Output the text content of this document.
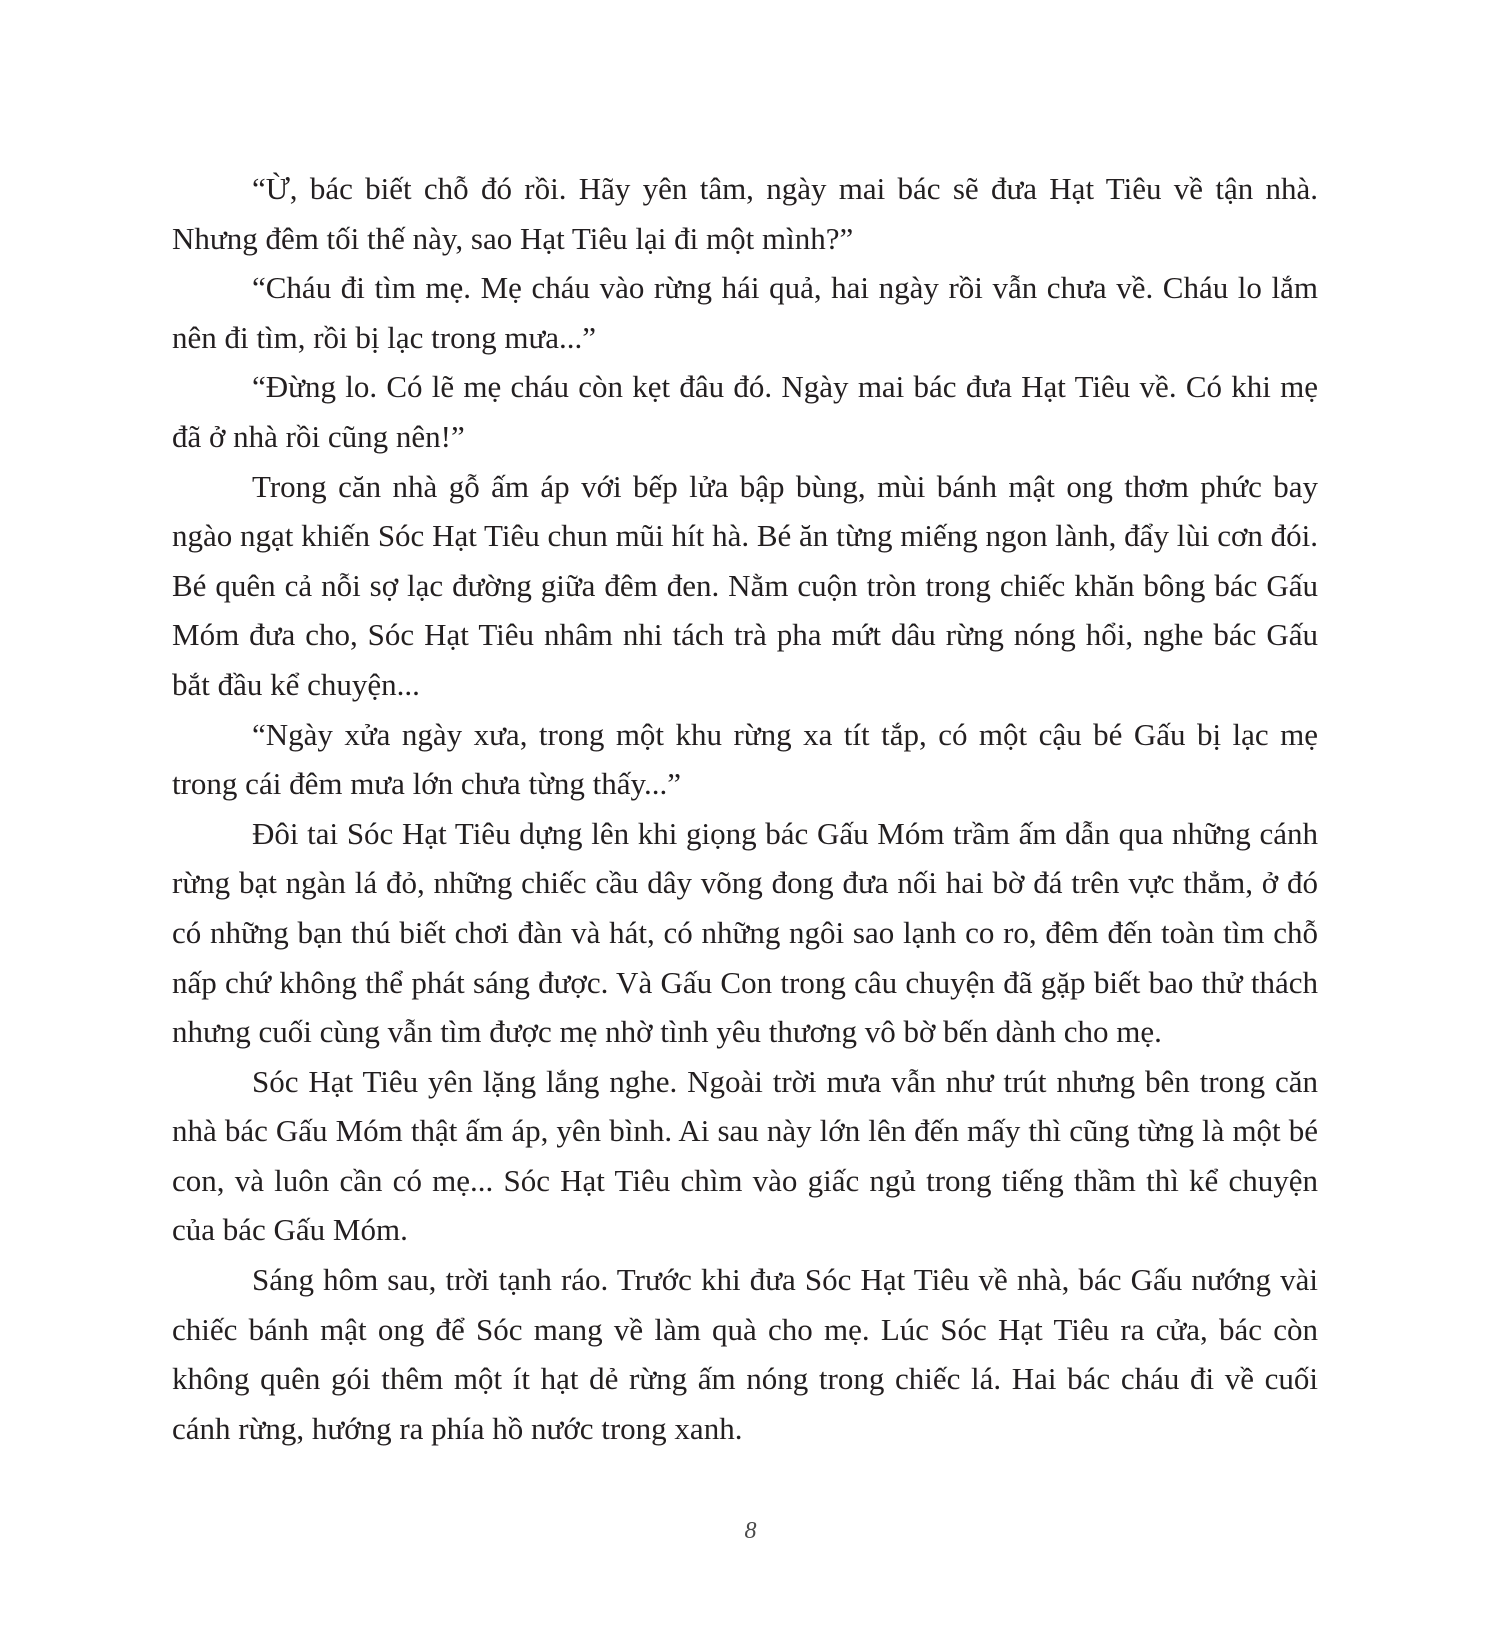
“Ừ, bác biết chỗ đó rồi. Hãy yên tâm, ngày mai bác sẽ đưa Hạt Tiêu về tận nhà. Nhưng đêm tối thế này, sao Hạt Tiêu lại đi một mình?”

“Cháu đi tìm mẹ. Mẹ cháu vào rừng hái quả, hai ngày rồi vẫn chưa về. Cháu lo lắm nên đi tìm, rồi bị lạc trong mưa...”

“Đừng lo. Có lẽ mẹ cháu còn kẹt đâu đó. Ngày mai bác đưa Hạt Tiêu về. Có khi mẹ đã ở nhà rồi cũng nên!”

Trong căn nhà gỗ ấm áp với bếp lửa bập bùng, mùi bánh mật ong thơm phức bay ngào ngạt khiến Sóc Hạt Tiêu chun mũi hít hà. Bé ăn từng miếng ngon lành, đẩy lùi cơn đói. Bé quên cả nỗi sợ lạc đường giữa đêm đen. Nằm cuộn tròn trong chiếc khăn bông bác Gấu Móm đưa cho, Sóc Hạt Tiêu nhâm nhi tách trà pha mứt dâu rừng nóng hổi, nghe bác Gấu bắt đầu kể chuyện...

“Ngày xửa ngày xưa, trong một khu rừng xa tít tắp, có một cậu bé Gấu bị lạc mẹ trong cái đêm mưa lớn chưa từng thấy...”

Đôi tai Sóc Hạt Tiêu dựng lên khi giọng bác Gấu Móm trầm ấm dẫn qua những cánh rừng bạt ngàn lá đỏ, những chiếc cầu dây võng đong đưa nối hai bờ đá trên vực thẳm, ở đó có những bạn thú biết chơi đàn và hát, có những ngôi sao lạnh co ro, đêm đến toàn tìm chỗ nấp chứ không thể phát sáng được. Và Gấu Con trong câu chuyện đã gặp biết bao thử thách nhưng cuối cùng vẫn tìm được mẹ nhờ tình yêu thương vô bờ bến dành cho mẹ.

Sóc Hạt Tiêu yên lặng lắng nghe. Ngoài trời mưa vẫn như trút nhưng bên trong căn nhà bác Gấu Móm thật ấm áp, yên bình. Ai sau này lớn lên đến mấy thì cũng từng là một bé con, và luôn cần có mẹ... Sóc Hạt Tiêu chìm vào giấc ngủ trong tiếng thầm thì kể chuyện của bác Gấu Móm.

Sáng hôm sau, trời tạnh ráo. Trước khi đưa Sóc Hạt Tiêu về nhà, bác Gấu nướng vài chiếc bánh mật ong để Sóc mang về làm quà cho mẹ. Lúc Sóc Hạt Tiêu ra cửa, bác còn không quên gói thêm một ít hạt dẻ rừng ấm nóng trong chiếc lá. Hai bác cháu đi về cuối cánh rừng, hướng ra phía hồ nước trong xanh.

8
